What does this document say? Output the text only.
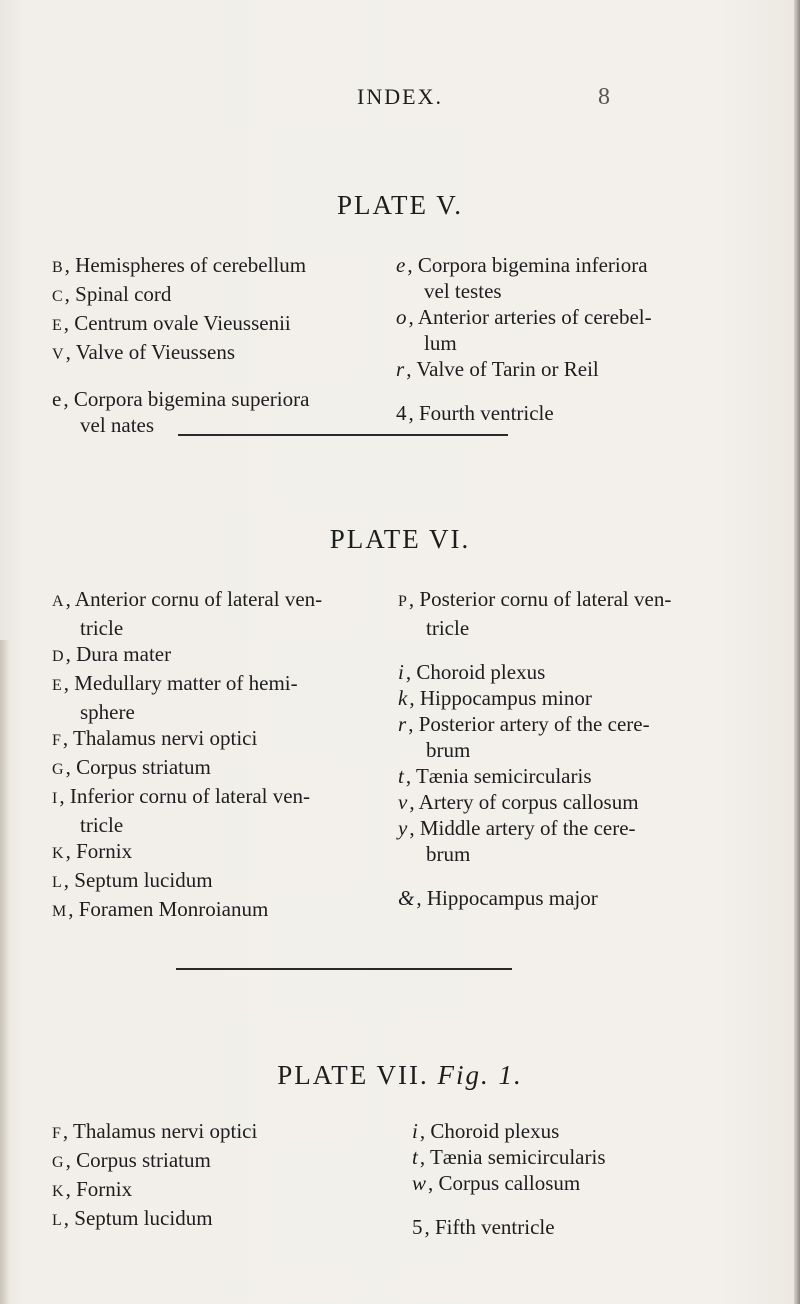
INDEX.	8
PLATE V.
B, Hemispheres of cerebellum
C, Spinal cord
E, Centrum ovale Vieussenii
V, Valve of Vieussens
e, Corpora bigemina superiora
vel nates
e, Corpora bigemina inferiora
vel testes
o, Anterior arteries of cerebel-
lum
r, Valve of Tarin or Reil
4, Fourth ventricle
PLATE VI.
A, Anterior cornu of lateral ven-
tricle
D, Dura mater
E, Medullary matter of hemi-
sphere
F, Thalamus nervi optici
G, Corpus striatum
I, Inferior cornu of lateral ven-
tricle
K, Fornix
L, Septum lucidum
M, Foramen Monroianum
P, Posterior cornu of lateral ven-
tricle
i, Choroid plexus
k, Hippocampus minor
r, Posterior artery of the cere-
brum
t, Tænia semicircularis
v, Artery of corpus callosum
y, Middle artery of the cere-
brum
&, Hippocampus major
PLATE VII. Fig. 1.
F, Thalamus nervi optici
G, Corpus striatum
K, Fornix
L, Septum lucidum
i, Choroid plexus
t, Tænia semicircularis
w, Corpus callosum
5, Fifth ventricle
